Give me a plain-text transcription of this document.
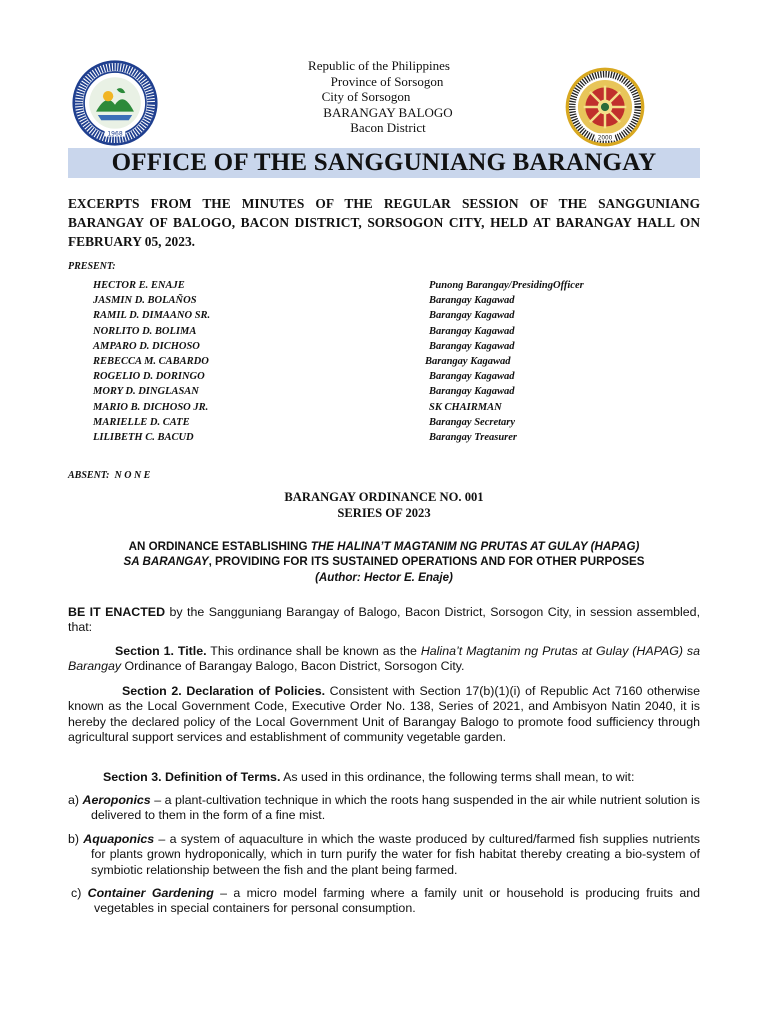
1968
2000
Republic of the Philippines
Province of Sorsogon
City of Sorsogon
BARANGAY BALOGO
Bacon District
OFFICE OF THE SANGGUNIANG BARANGAY
EXCERPTS FROM THE MINUTES OF THE REGULAR SESSION OF THE SANGGUNIANG BARANGAY OF BALOGO, BACON DISTRICT, SORSOGON CITY, HELD AT BARANGAY HALL ON FEBRUARY 05, 2023.
PRESENT:
HECTOR E. ENAJE	Punong Barangay/PresidingOfficer
JASMIN D. BOLAÑOS	Barangay Kagawad
RAMIL D. DIMAANO SR.	Barangay Kagawad
NORLITO D. BOLIMA	Barangay Kagawad
AMPARO D. DICHOSO	Barangay Kagawad
REBECCA M. CABARDO	Barangay Kagawad
ROGELIO D. DORINGO	Barangay Kagawad
MORY D. DINGLASAN	Barangay Kagawad
MARIO B. DICHOSO JR.	SK CHAIRMAN
MARIELLE D. CATE	Barangay Secretary
LILIBETH C. BACUD	Barangay Treasurer
ABSENT: N O N E
BARANGAY ORDINANCE NO. 001
SERIES OF 2023
AN ORDINANCE ESTABLISHING THE HALINA’T MAGTANIM NG PRUTAS AT GULAY (HAPAG)
SA BARANGAY, PROVIDING FOR ITS SUSTAINED OPERATIONS AND FOR OTHER PURPOSES
(Author: Hector E. Enaje)
BE IT ENACTED by the Sangguniang Barangay of Balogo, Bacon District, Sorsogon City, in session assembled, that:
Section 1. Title. This ordinance shall be known as the Halina’t Magtanim ng Prutas at Gulay (HAPAG) sa Barangay Ordinance of Barangay Balogo, Bacon District, Sorsogon City.
Section 2. Declaration of Policies. Consistent with Section 17(b)(1)(i) of Republic Act 7160 otherwise known as the Local Government Code, Executive Order No. 138, Series of 2021, and Ambisyon Natin 2040, it is hereby the declared policy of the Local Government Unit of Barangay Balogo to promote food sufficiency through agricultural support services and establishment of community vegetable garden.
Section 3. Definition of Terms. As used in this ordinance, the following terms shall mean, to wit:
a) Aeroponics – a plant-cultivation technique in which the roots hang suspended in the air while nutrient solution is delivered to them in the form of a fine mist.
b) Aquaponics – a system of aquaculture in which the waste produced by cultured/farmed fish supplies nutrients for plants grown hydroponically, which in turn purify the water for fish habitat thereby creating a bio-system of symbiotic relationship between the fish and the plant being farmed.
c) Container Gardening – a micro model farming where a family unit or household is producing fruits and vegetables in special containers for personal consumption.
